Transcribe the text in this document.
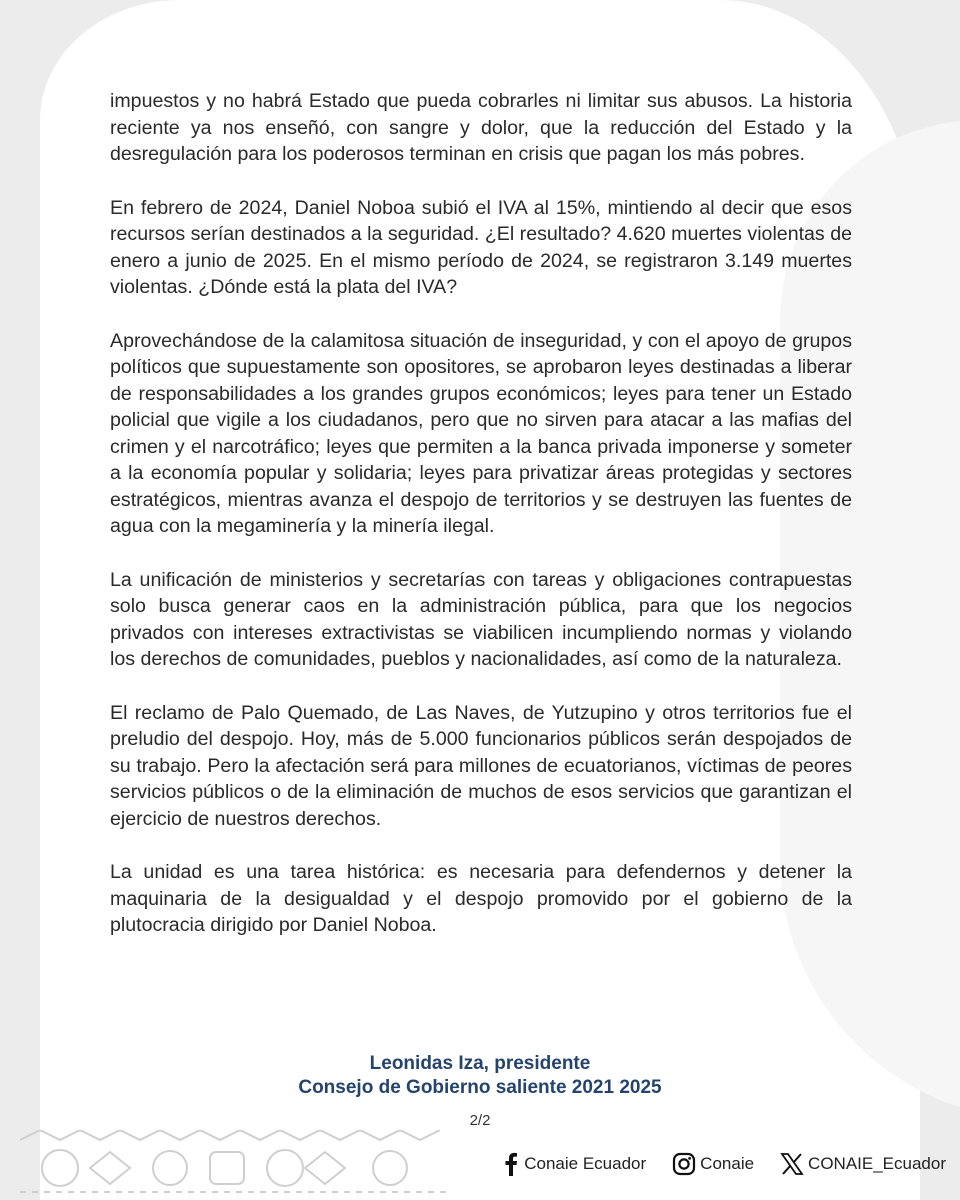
impuestos y no habrá Estado que pueda cobrarles ni limitar sus abusos. La historia reciente ya nos enseñó, con sangre y dolor, que la reducción del Estado y la desregulación para los poderosos terminan en crisis que pagan los más pobres.

En febrero de 2024, Daniel Noboa subió el IVA al 15%, mintiendo al decir que esos recursos serían destinados a la seguridad. ¿El resultado? 4.620 muertes violentas de enero a junio de 2025. En el mismo período de 2024, se registraron 3.149 muertes violentas. ¿Dónde está la plata del IVA?

Aprovechándose de la calamitosa situación de inseguridad, y con el apoyo de grupos políticos que supuestamente son opositores, se aprobaron leyes destinadas a liberar de responsabilidades a los grandes grupos económicos; leyes para tener un Estado policial que vigile a los ciudadanos, pero que no sirven para atacar a las mafias del crimen y el narcotráfico; leyes que permiten a la banca privada imponerse y someter a la economía popular y solidaria; leyes para privatizar áreas protegidas y sectores estratégicos, mientras avanza el despojo de territorios y se destruyen las fuentes de agua con la megaminería y la minería ilegal.

La unificación de ministerios y secretarías con tareas y obligaciones contrapuestas solo busca generar caos en la administración pública, para que los negocios privados con intereses extractivistas se viabilicen incumpliendo normas y violando los derechos de comunidades, pueblos y nacionalidades, así como de la naturaleza.

El reclamo de Palo Quemado, de Las Naves, de Yutzupino y otros territorios fue el preludio del despojo. Hoy, más de 5.000 funcionarios públicos serán despojados de su trabajo. Pero la afectación será para millones de ecuatorianos, víctimas de peores servicios públicos o de la eliminación de muchos de esos servicios que garantizan el ejercicio de nuestros derechos.

La unidad es una tarea histórica: es necesaria para defendernos y detener la maquinaria de la desigualdad y el despojo promovido por el gobierno de la plutocracia dirigido por Daniel Noboa.

Leonidas Iza, presidente
Consejo de Gobierno saliente 2021 2025
2/2
Conaie Ecuador	Conaie	CONAIE_Ecuador
